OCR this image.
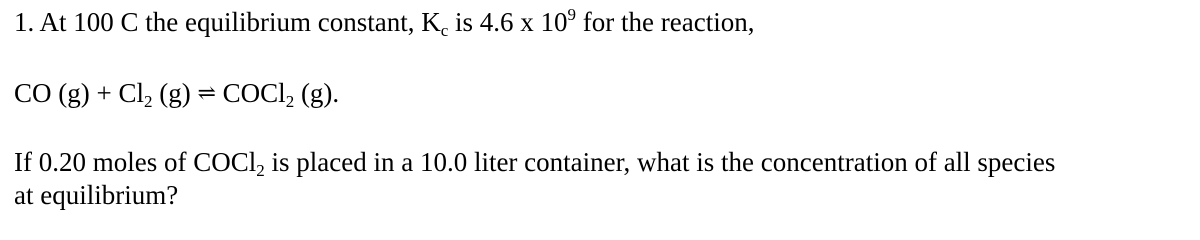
1. At 100 C the equilibrium constant, $K_c$ is 4.6 x $10^9$ for the reaction,
CO $(g) + Cl_2$ (g) ⇌ COCl$_2$ (g).
If 0.20 moles of COCl$_2$ is placed in a 10.0 liter container, what is the concentration of all species
at equilibrium?
